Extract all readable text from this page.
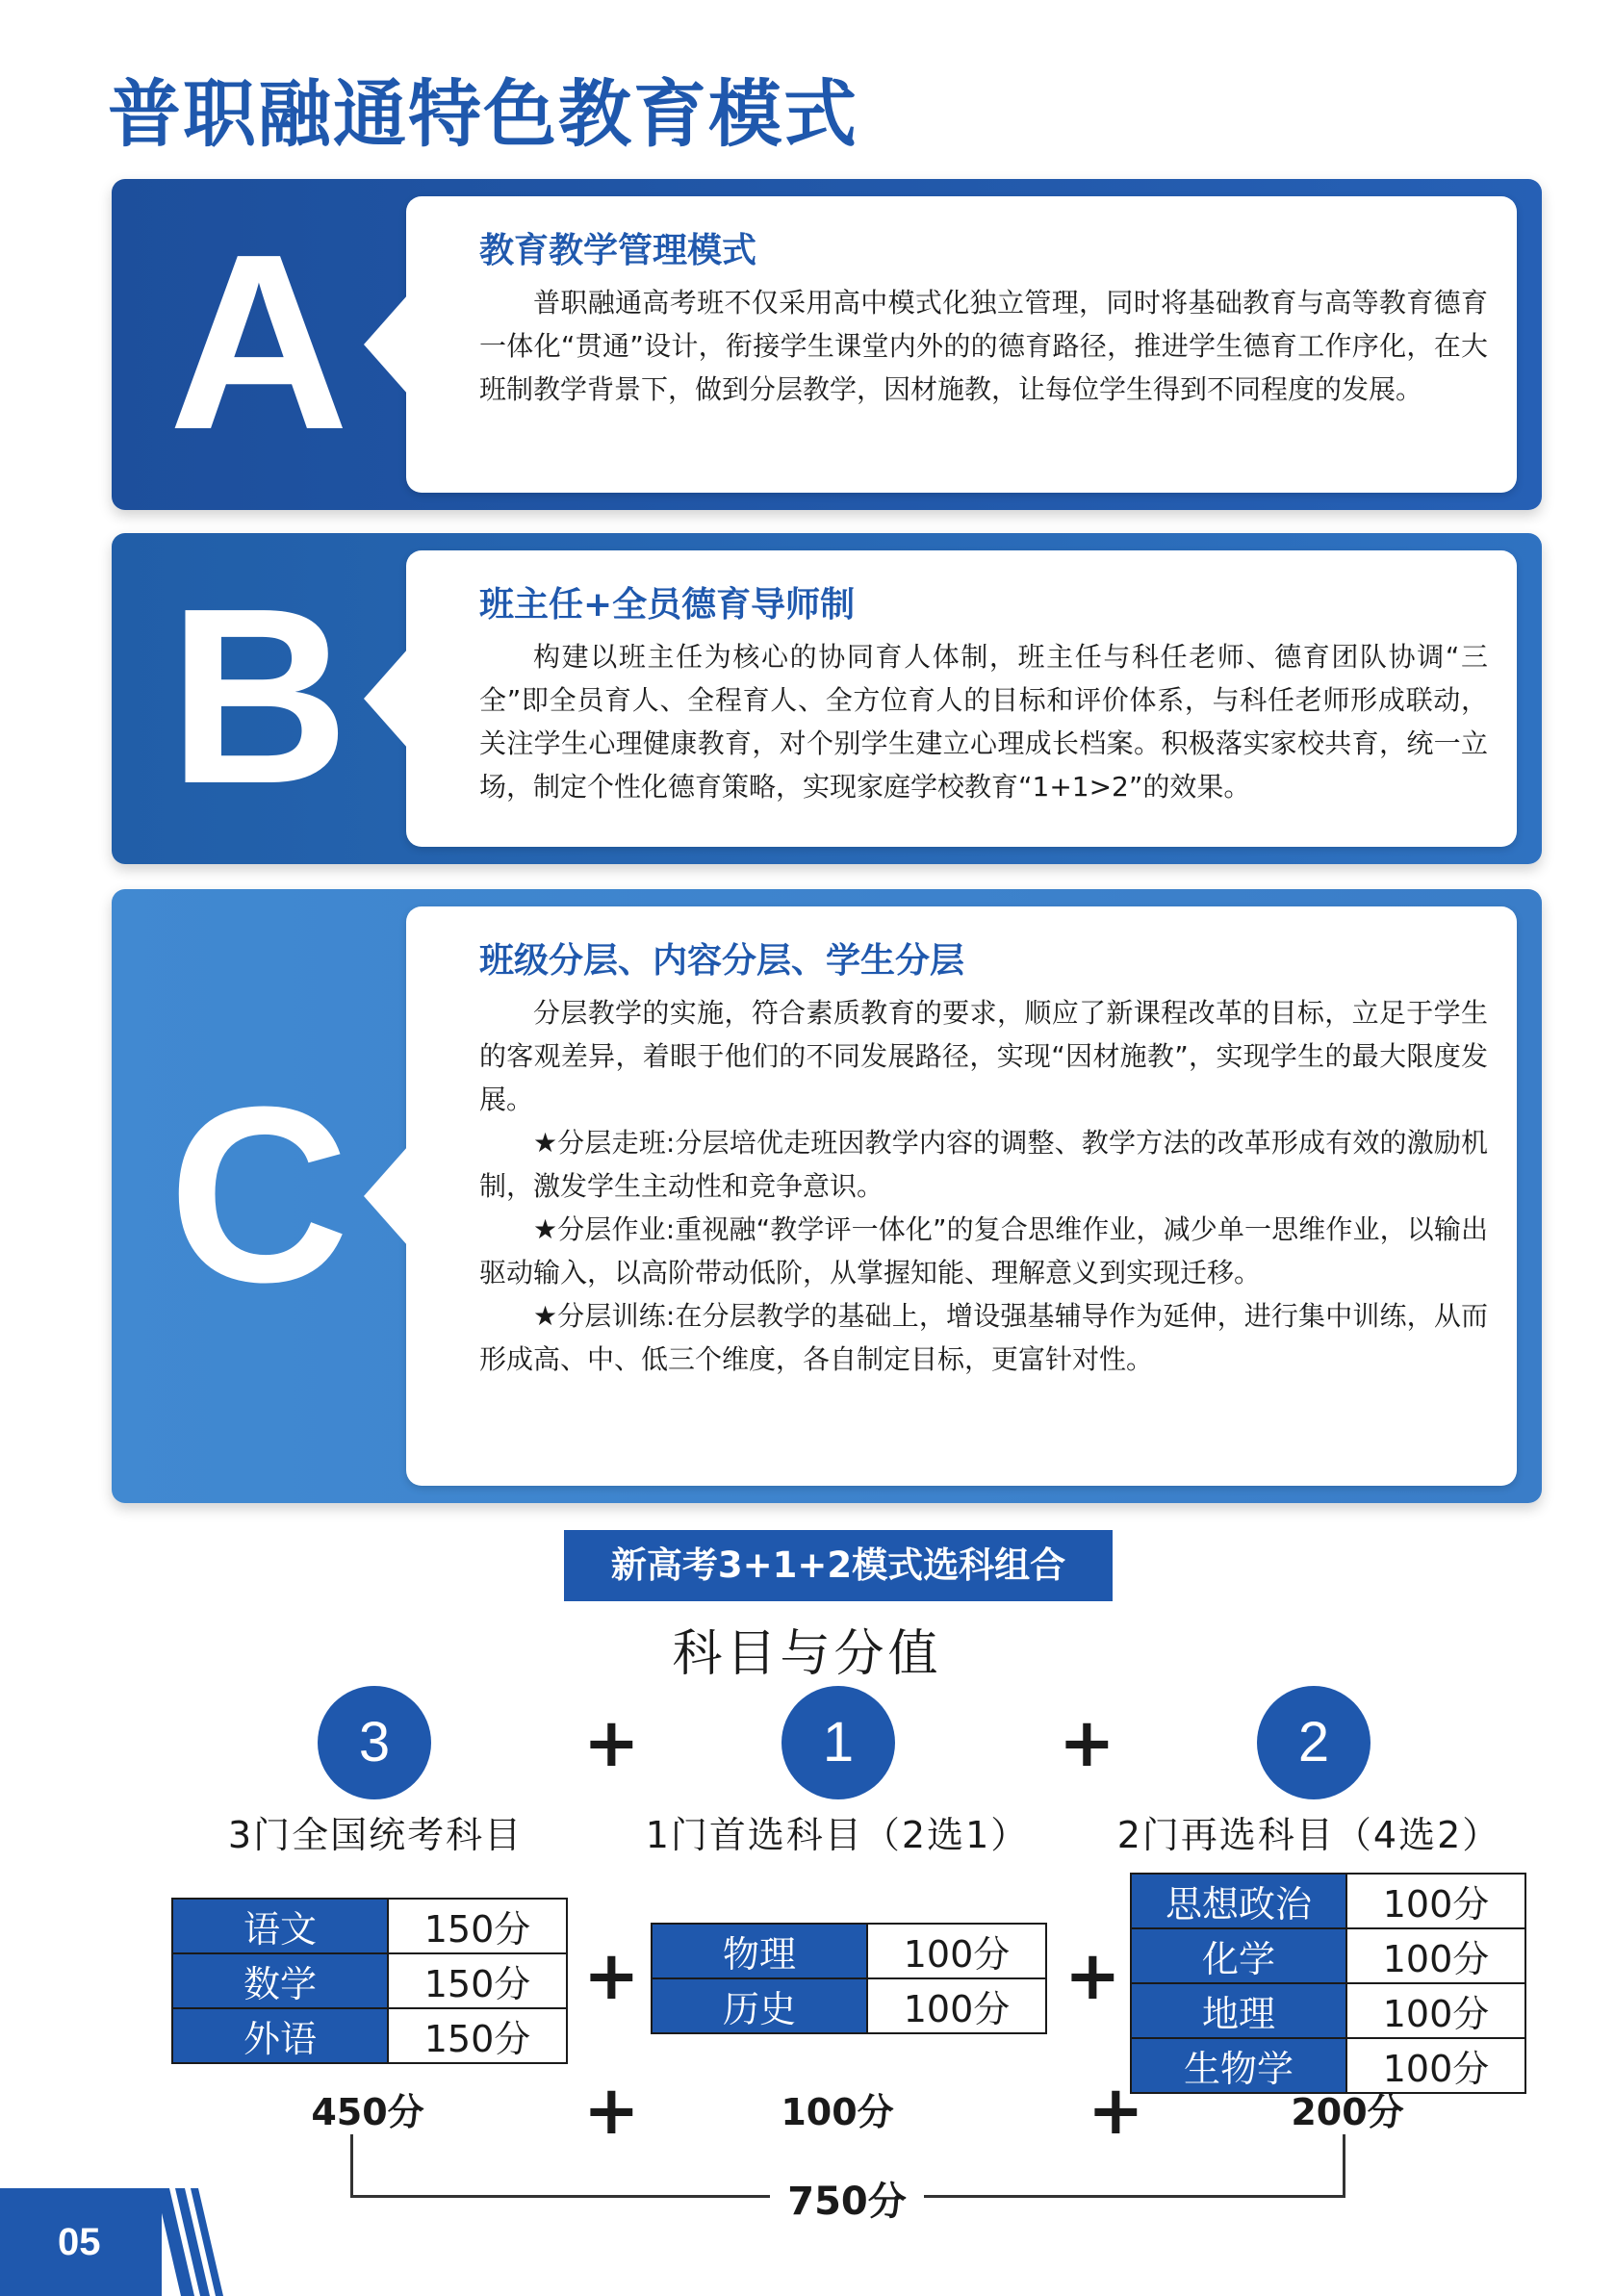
普职融通特色教育模式
A	教育教学管理模式

普职融通高考班不仅采用高中模式化独立管理，同时将基础教育与高等教育德育一体化“贯通”设计，衔接学生课堂内外的的德育路径，推进学生德育工作序化，在大班制教学背景下，做到分层教学，因材施教，让每位学生得到不同程度的发展。

B	班主任+全员德育导师制

构建以班主任为核心的协同育人体制，班主任与科任老师、德育团队协调“三全”即全员育人、全程育人、全方位育人的目标和评价体系，与科任老师形成联动，关注学生心理健康教育，对个别学生建立心理成长档案。积极落实家校共育，统一立场，制定个性化德育策略，实现家庭学校教育“1+1>2”的效果。

C
班级分层、内容分层、学生分层

分层教学的实施，符合素质教育的要求，顺应了新课程改革的目标，立足于学生的客观差异，着眼于他们的不同发展路径，实现“因材施教”，实现学生的最大限度发展。

★分层走班:分层培优走班因教学内容的调整、教学方法的改革形成有效的激励机制，激发学生主动性和竞争意识。

★分层作业:重视融“教学评一体化”的复合思维作业，减少单一思维作业，以输出驱动输入，以高阶带动低阶，从掌握知能、理解意义到实现迁移。

★分层训练:在分层教学的基础上，增设强基辅导作为延伸，进行集中训练，从而形成高、中、低三个维度，各自制定目标，更富针对性。

新高考3+1+2模式选科组合
科目与分值
3	+	1	+	2
3门全国统考科目	1门首选科目（2选1） 2门再选科目（4选2）
语文	150分
数学	150分
外语	150分
+ 物理	100分
历史	100分 +
思想政治	100分
化学	100分
地理	100分
生物学	100分
450分	+	100分	+	200分
750分
05
